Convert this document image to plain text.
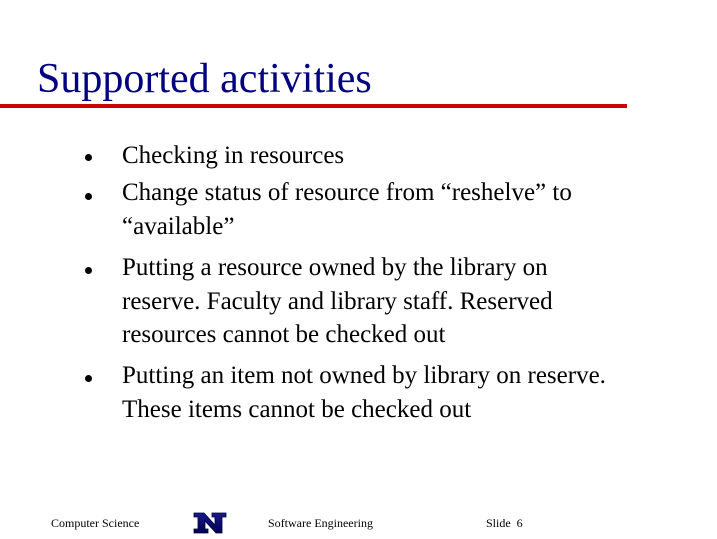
Supported activities
Checking in resources
Change status of resource from “reshelve” to
“available”
Putting a resource owned by the library on
reserve. Faculty and library staff. Reserved
resources cannot be checked out
Putting an item not owned by library on reserve.
These items cannot be checked out
Computer Science	Software Engineering	Slide  6
